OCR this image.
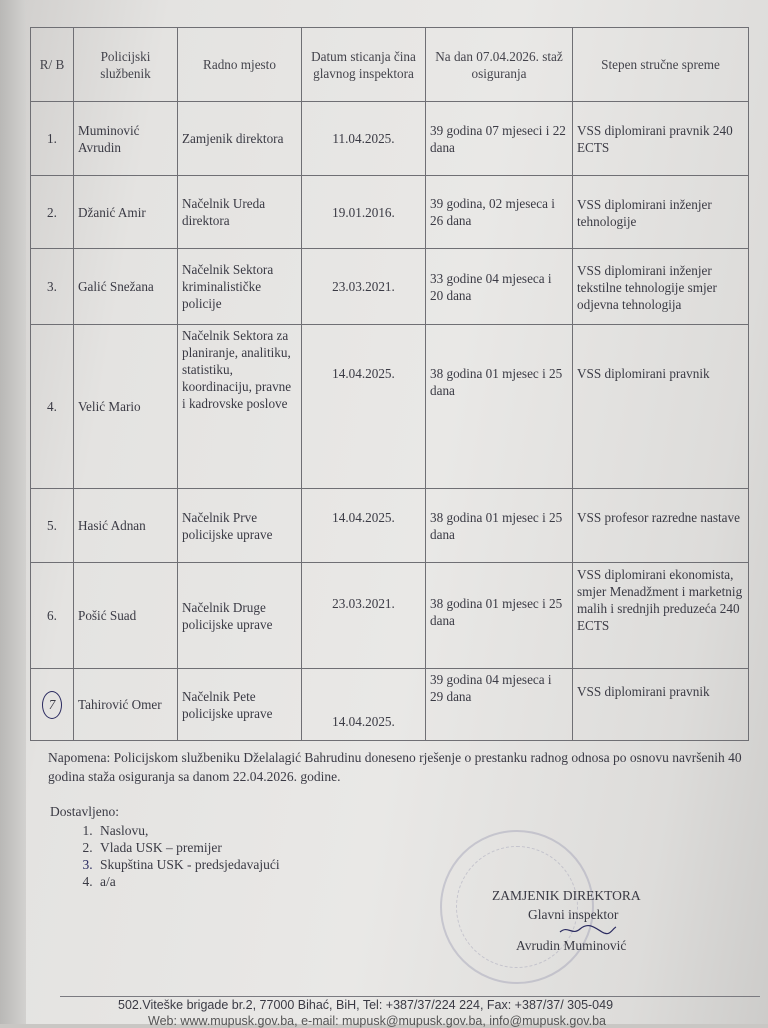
R/ B	Policijski službenik	Radno mjesto	Datum sticanja čina glavnog inspektora	Na dan 07.04.2026. staž osiguranja	Stepen stručne spreme
1.	Muminović Avrudin	Zamjenik direktora	11.04.2025.	39 godina 07 mjeseci i 22 dana	VSS diplomirani pravnik 240 ECTS
2.	Džanić Amir	Načelnik Ureda direktora	19.01.2016.	39 godina, 02 mjeseca i 26 dana	VSS diplomirani inženjer tehnologije
3.	Galić Snežana	Načelnik Sektora kriminalističke policije	23.03.2021.	33 godine 04 mjeseca i 20 dana	VSS diplomirani inženjer tekstilne tehnologije smjer odjevna tehnologija
4.	Velić Mario	Načelnik Sektora za planiranje, analitiku, statistiku, koordinaciju, pravne i kadrovske poslove	14.04.2025.	38 godina 01 mjesec i 25 dana	VSS diplomirani pravnik
5.	Hasić Adnan	Načelnik Prve policijske uprave	14.04.2025.	38 godina 01 mjesec i 25 dana	VSS profesor razredne nastave
6.	Pošić Suad	Načelnik Druge policijske uprave	23.03.2021.	38 godina 01 mjesec i 25 dana	VSS diplomirani ekonomista, smjer Menadžment i marketnig malih i srednjih preduzeća 240 ECTS
7	Tahirović Omer	Načelnik Pete policijske uprave	14.04.2025.	39 godina 04 mjeseca i 29 dana	VSS diplomirani pravnik
Napomena: Policijskom službeniku Dželalagić Bahrudinu doneseno rješenje o prestanku radnog odnosa po osnovu navršenih 40 godina staža osiguranja sa danom 22.04.2026. godine.
Dostavljeno:
1. Naslovu,
2. Vlada USK – premijer
3. Skupština USK - predsjedavajući
4. a/a
ZAMJENIK DIREKTORA
Glavni inspektor
Avrudin Muminović
502.Viteške brigade br.2, 77000 Bihać, BiH, Tel: +387/37/224 224, Fax: +387/37/ 305-049
Web: www.mupusk.gov.ba, e-mail: mupusk@mupusk.gov.ba, info@mupusk.gov.ba
